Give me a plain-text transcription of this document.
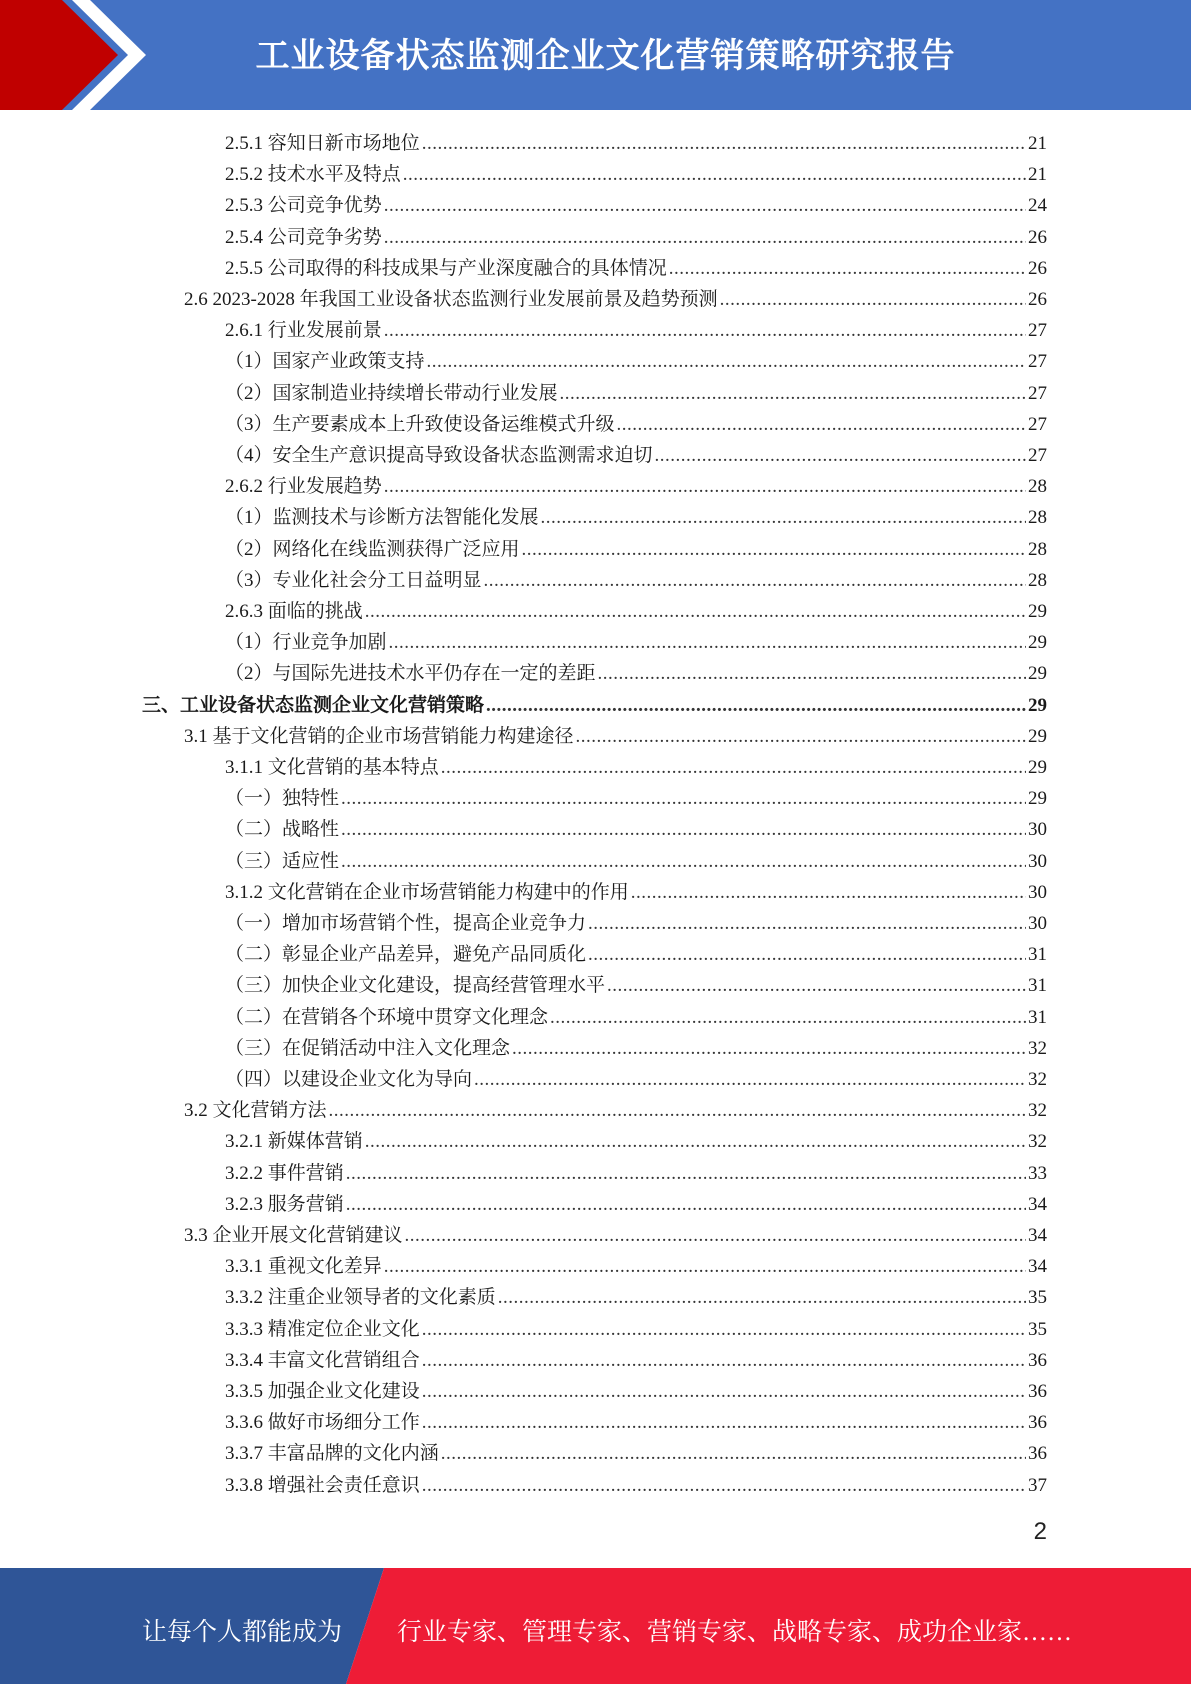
工业设备状态监测企业文化营销策略研究报告
2.5.1 容知日新市场地位 .....	21
2.5.2 技术水平及特点 .....	21
2.5.3 公司竞争优势 .....	24
2.5.4 公司竞争劣势 .....	26
2.5.5 公司取得的科技成果与产业深度融合的具体情况 .....	26
2.6 2023-2028 年我国工业设备状态监测行业发展前景及趋势预测 .....	26
2.6.1 行业发展前景 .....	27
（1）国家产业政策支持 .....	27
（2）国家制造业持续增长带动行业发展 .....	27
（3）生产要素成本上升致使设备运维模式升级 .....	27
（4）安全生产意识提高导致设备状态监测需求迫切 .....	27
2.6.2 行业发展趋势 .....	28
（1）监测技术与诊断方法智能化发展 .....	28
（2）网络化在线监测获得广泛应用 .....	28
（3）专业化社会分工日益明显 .....	28
2.6.3 面临的挑战 .....	29
（1）行业竞争加剧 .....	29
（2）与国际先进技术水平仍存在一定的差距 .....	29
三、工业设备状态监测企业文化营销策略 .....	29
3.1 基于文化营销的企业市场营销能力构建途径 .....	29
3.1.1 文化营销的基本特点 .....	29
（一）独特性 .....	29
（二）战略性 .....	30
（三）适应性 .....	30
3.1.2 文化营销在企业市场营销能力构建中的作用 .....	30
（一）增加市场营销个性，提高企业竞争力 .....	30
（二）彰显企业产品差异，避免产品同质化 .....	31
（三）加快企业文化建设，提高经营管理水平 .....	31
（二）在营销各个环境中贯穿文化理念 .....	31
（三）在促销活动中注入文化理念 .....	32
（四）以建设企业文化为导向 .....	32
3.2 文化营销方法 .....	32
3.2.1 新媒体营销 .....	32
3.2.2 事件营销 .....	33
3.2.3 服务营销 .....	34
3.3 企业开展文化营销建议 .....	34
3.3.1 重视文化差异 .....	34
3.3.2 注重企业领导者的文化素质 .....	35
3.3.3 精准定位企业文化 .....	35
3.3.4 丰富文化营销组合 .....	36
3.3.5 加强企业文化建设 .....	36
3.3.6 做好市场细分工作 .....	36
3.3.7 丰富品牌的文化内涵 .....	36
3.3.8 增强社会责任意识 .....	37
2
让每个人都能成为 行业专家、管理专家、营销专家、战略专家、成功企业家……
